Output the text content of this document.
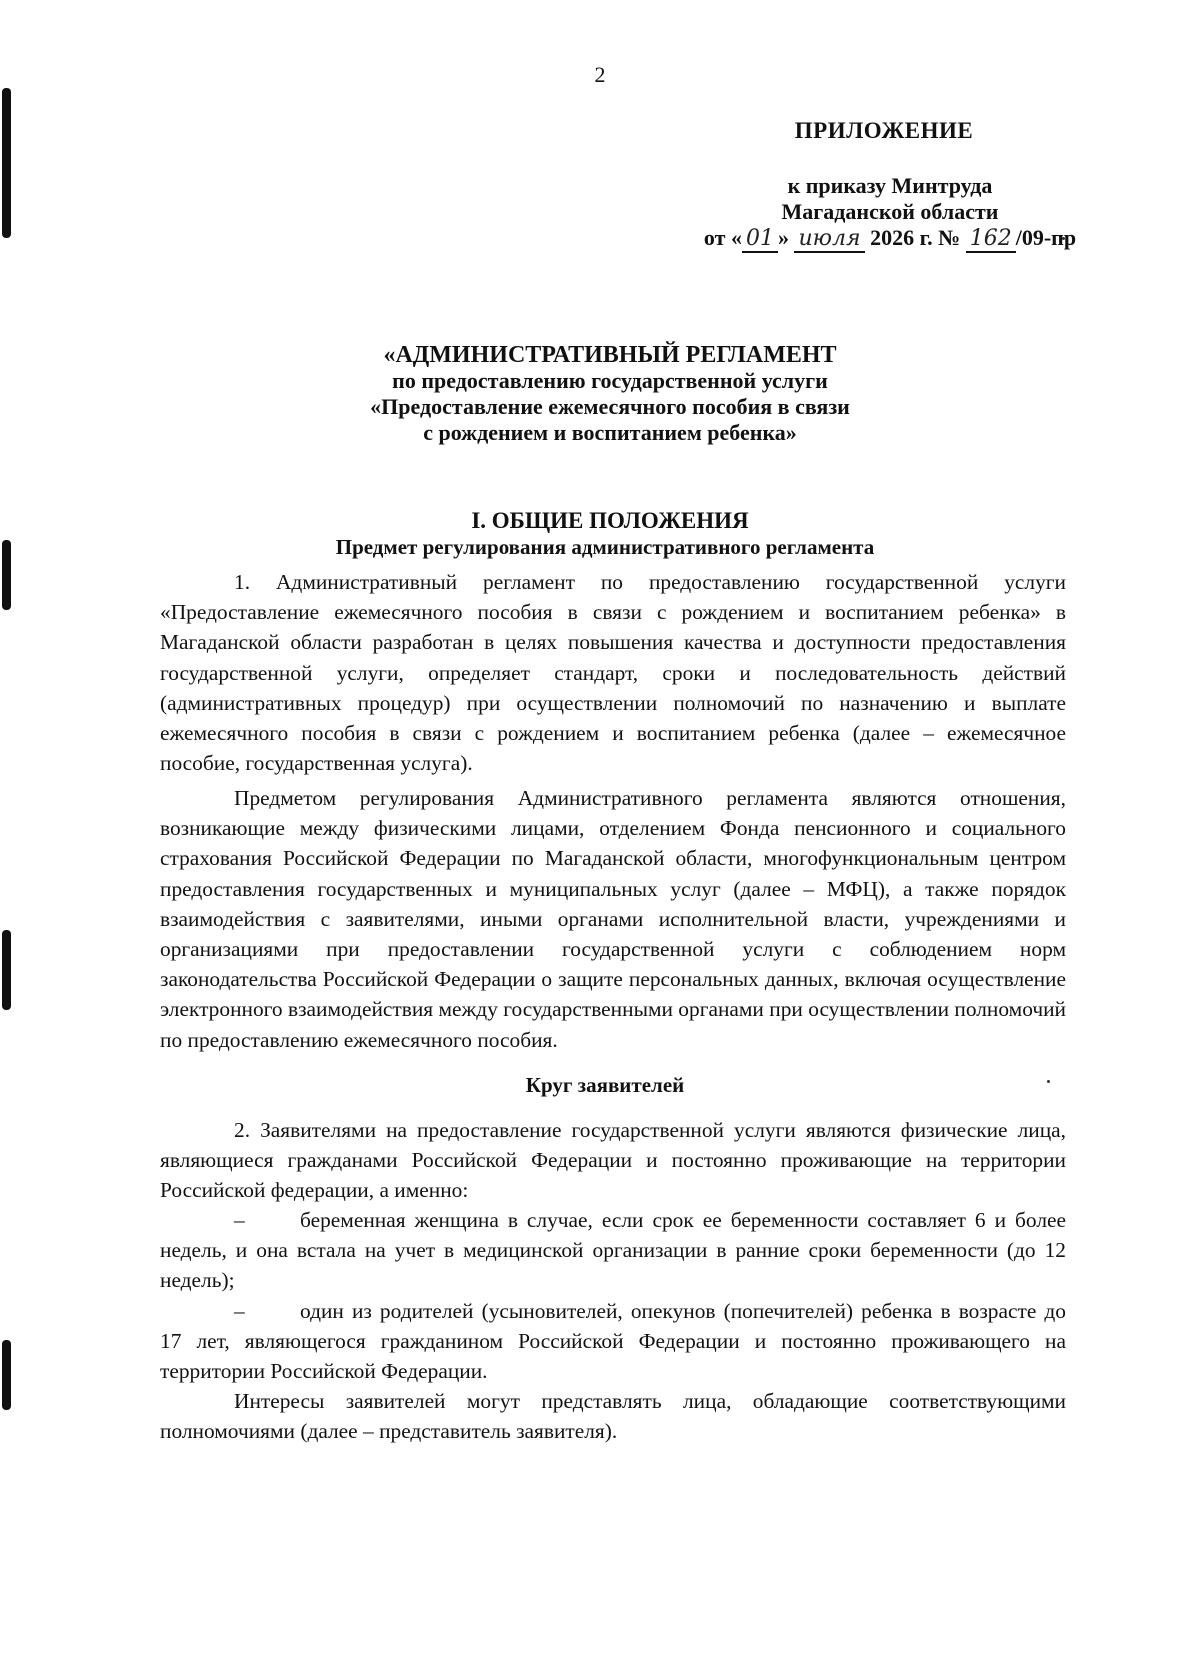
2
ПРИЛОЖЕНИЕ
к приказу Минтруда
Магаданской области
от « 01 » июля 2026 г. № 162 /09-пр
«АДМИНИСТРАТИВНЫЙ РЕГЛАМЕНТ
по предоставлению государственной услуги
«Предоставление ежемесячного пособия в связи
с рождением и воспитанием ребенка»
I. ОБЩИЕ ПОЛОЖЕНИЯ
Предмет регулирования административного регламента

1. Административный регламент по предоставлению государственной услуги «Предоставление ежемесячного пособия в связи с рождением и воспитанием ребенка» в Магаданской области разработан в целях повышения качества и доступности предоставления государственной услуги, определяет стандарт, сроки и последовательность действий (административных процедур) при осуществлении полномочий по назначению и выплате ежемесячного пособия в связи с рождением и воспитанием ребенка (далее – ежемесячное пособие, государственная услуга).

Предметом регулирования Административного регламента являются отношения, возникающие между физическими лицами, отделением Фонда пенсионного и социального страхования Российской Федерации по Магаданской области, многофункциональным центром предоставления государственных и муниципальных услуг (далее – МФЦ), а также порядок взаимодействия с заявителями, иными органами исполнительной власти, учреждениями и организациями при предоставлении государственной услуги с соблюдением норм законодательства Российской Федерации о защите персональных данных, включая осуществление электронного взаимодействия между государственными органами при осуществлении полномочий по предоставлению ежемесячного пособия.

Круг заявителей

2. Заявителями на предоставление государственной услуги являются физические лица, являющиеся гражданами Российской Федерации и постоянно проживающие на территории Российской федерации, а именно:

–	беременная женщина в случае, если срок ее беременности составляет 6 и более недель, и она встала на учет в медицинской организации в ранние сроки беременности (до 12 недель);

–	один из родителей (усыновителей, опекунов (попечителей) ребенка в возрасте до 17 лет, являющегося гражданином Российской Федерации и постоянно проживающего на территории Российской Федерации.

Интересы заявителей могут представлять лица, обладающие соответствующими полномочиями (далее – представитель заявителя).
